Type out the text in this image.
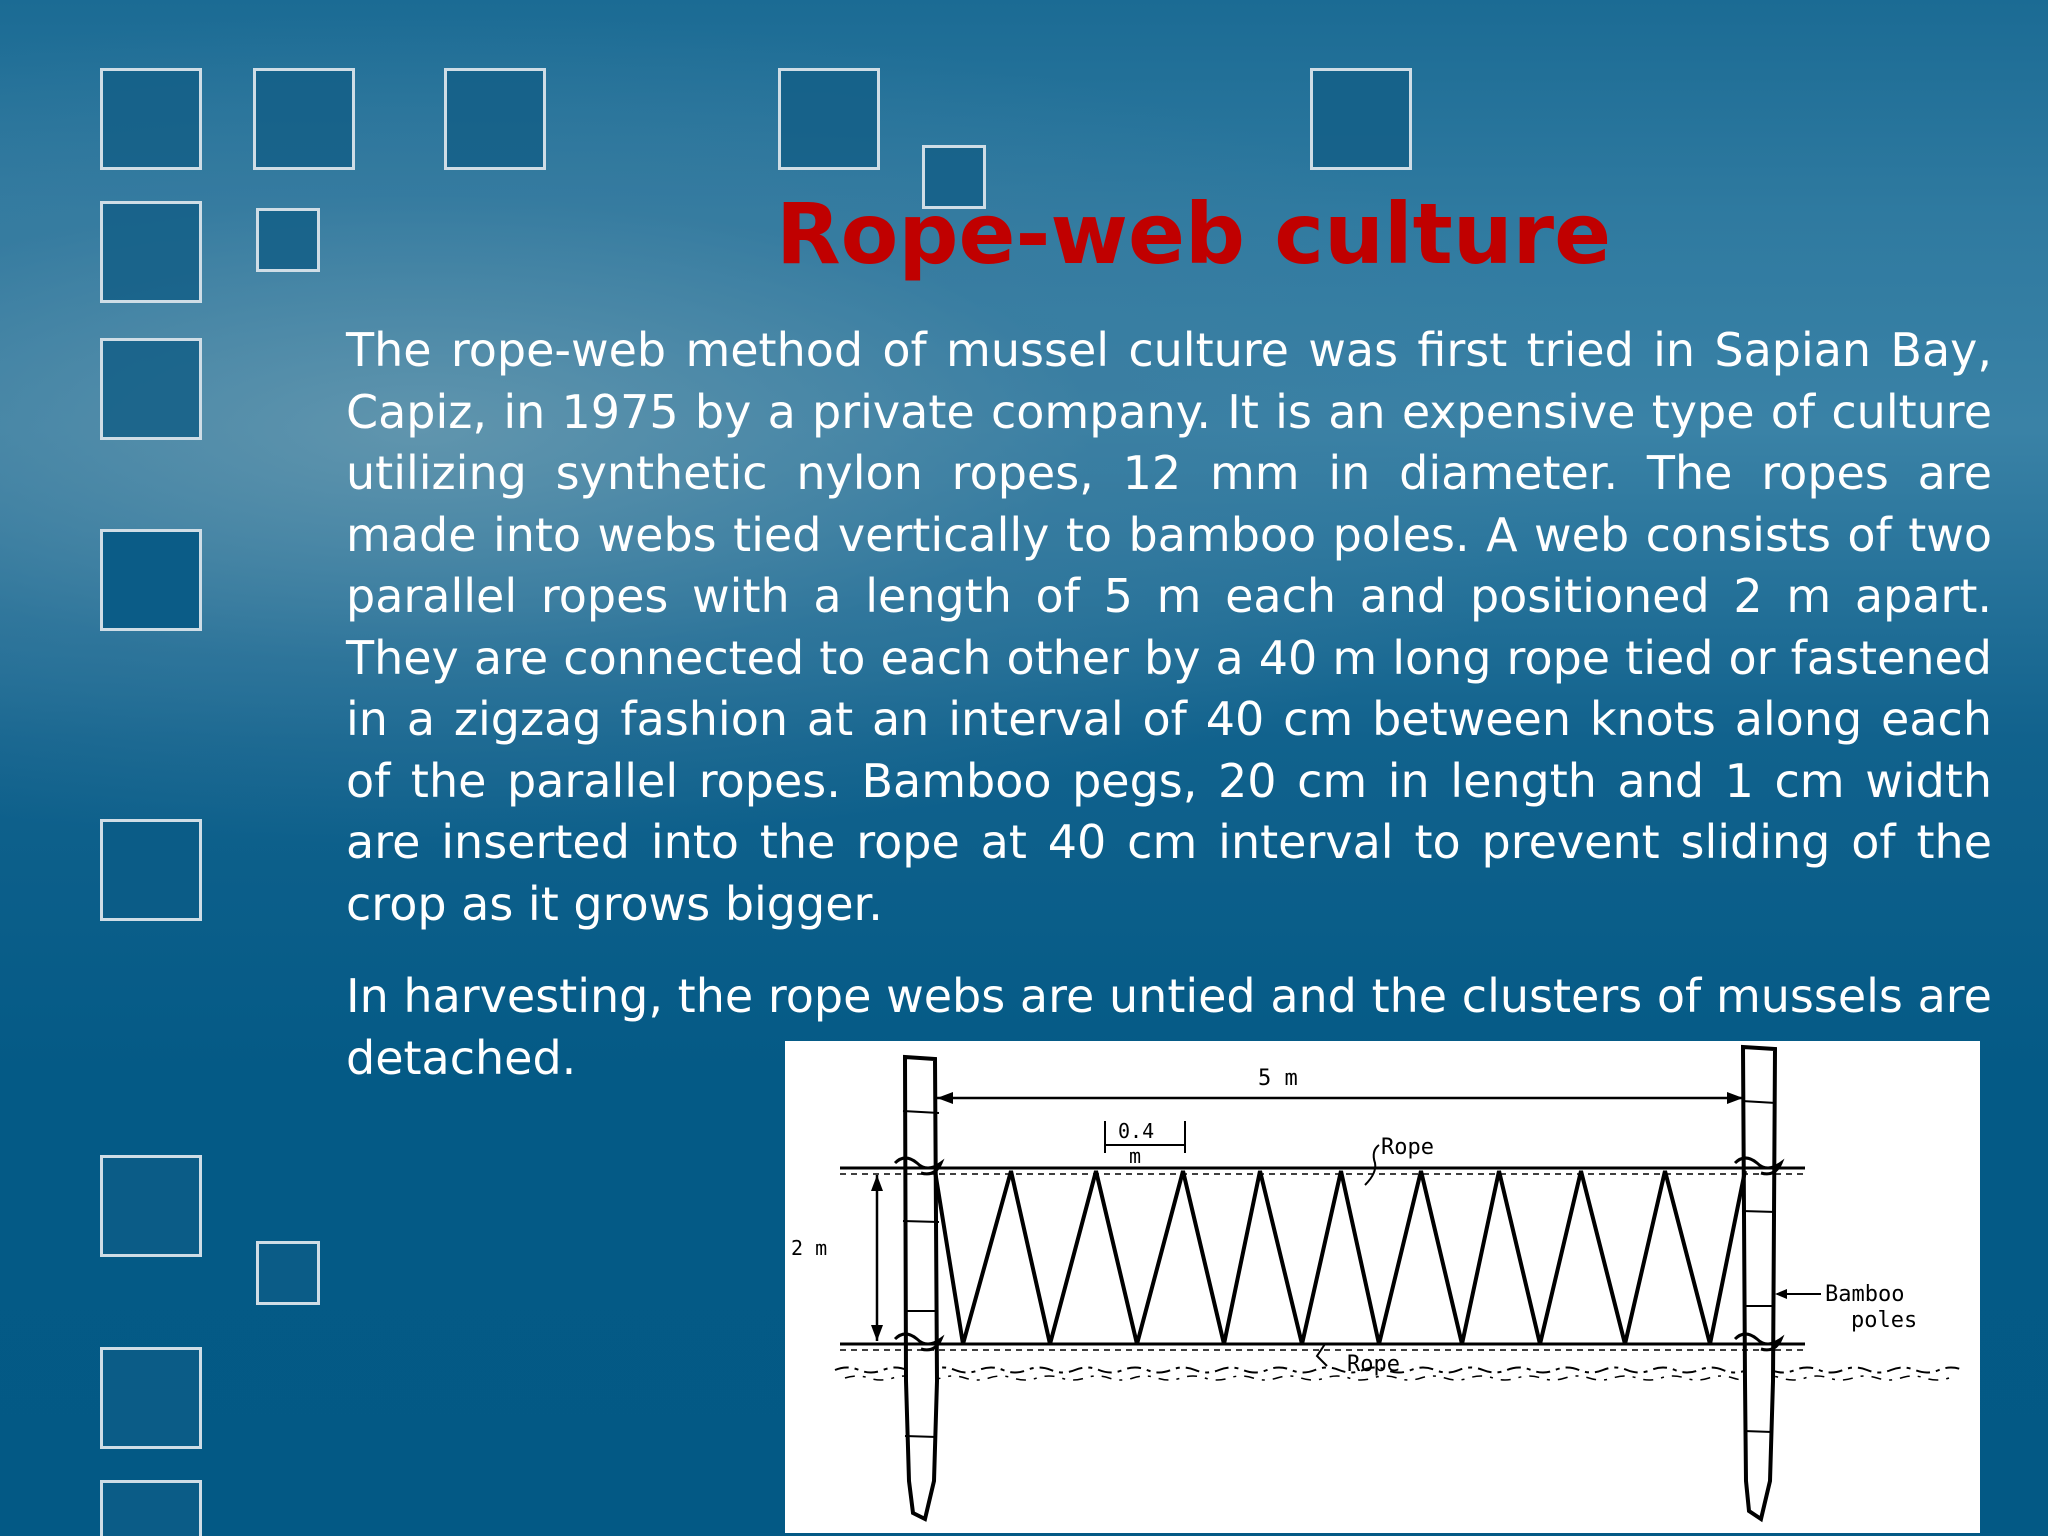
Rope-web culture

The rope-web method of mussel culture was first tried in Sapian Bay, Capiz, in 1975 by a private company. It is an expensive type of culture utilizing synthetic nylon ropes, 12 mm in diameter. The ropes are made into webs tied vertically to bamboo poles. A web consists of two parallel ropes with a length of 5 m each and positioned 2 m apart. They are connected to each other by a 40 m long rope tied or fastened in a zigzag fashion at an interval of 40 cm between knots along each of the parallel ropes. Bamboo pegs, 20 cm in length and 1 cm width are inserted into the rope at 40 cm interval to prevent sliding of the crop as it grows bigger.

In harvesting, the rope webs are untied and the clusters of mussels are detached.	5 m
0.4
m	Rope
2 m
Rope
Bamboo
poles
